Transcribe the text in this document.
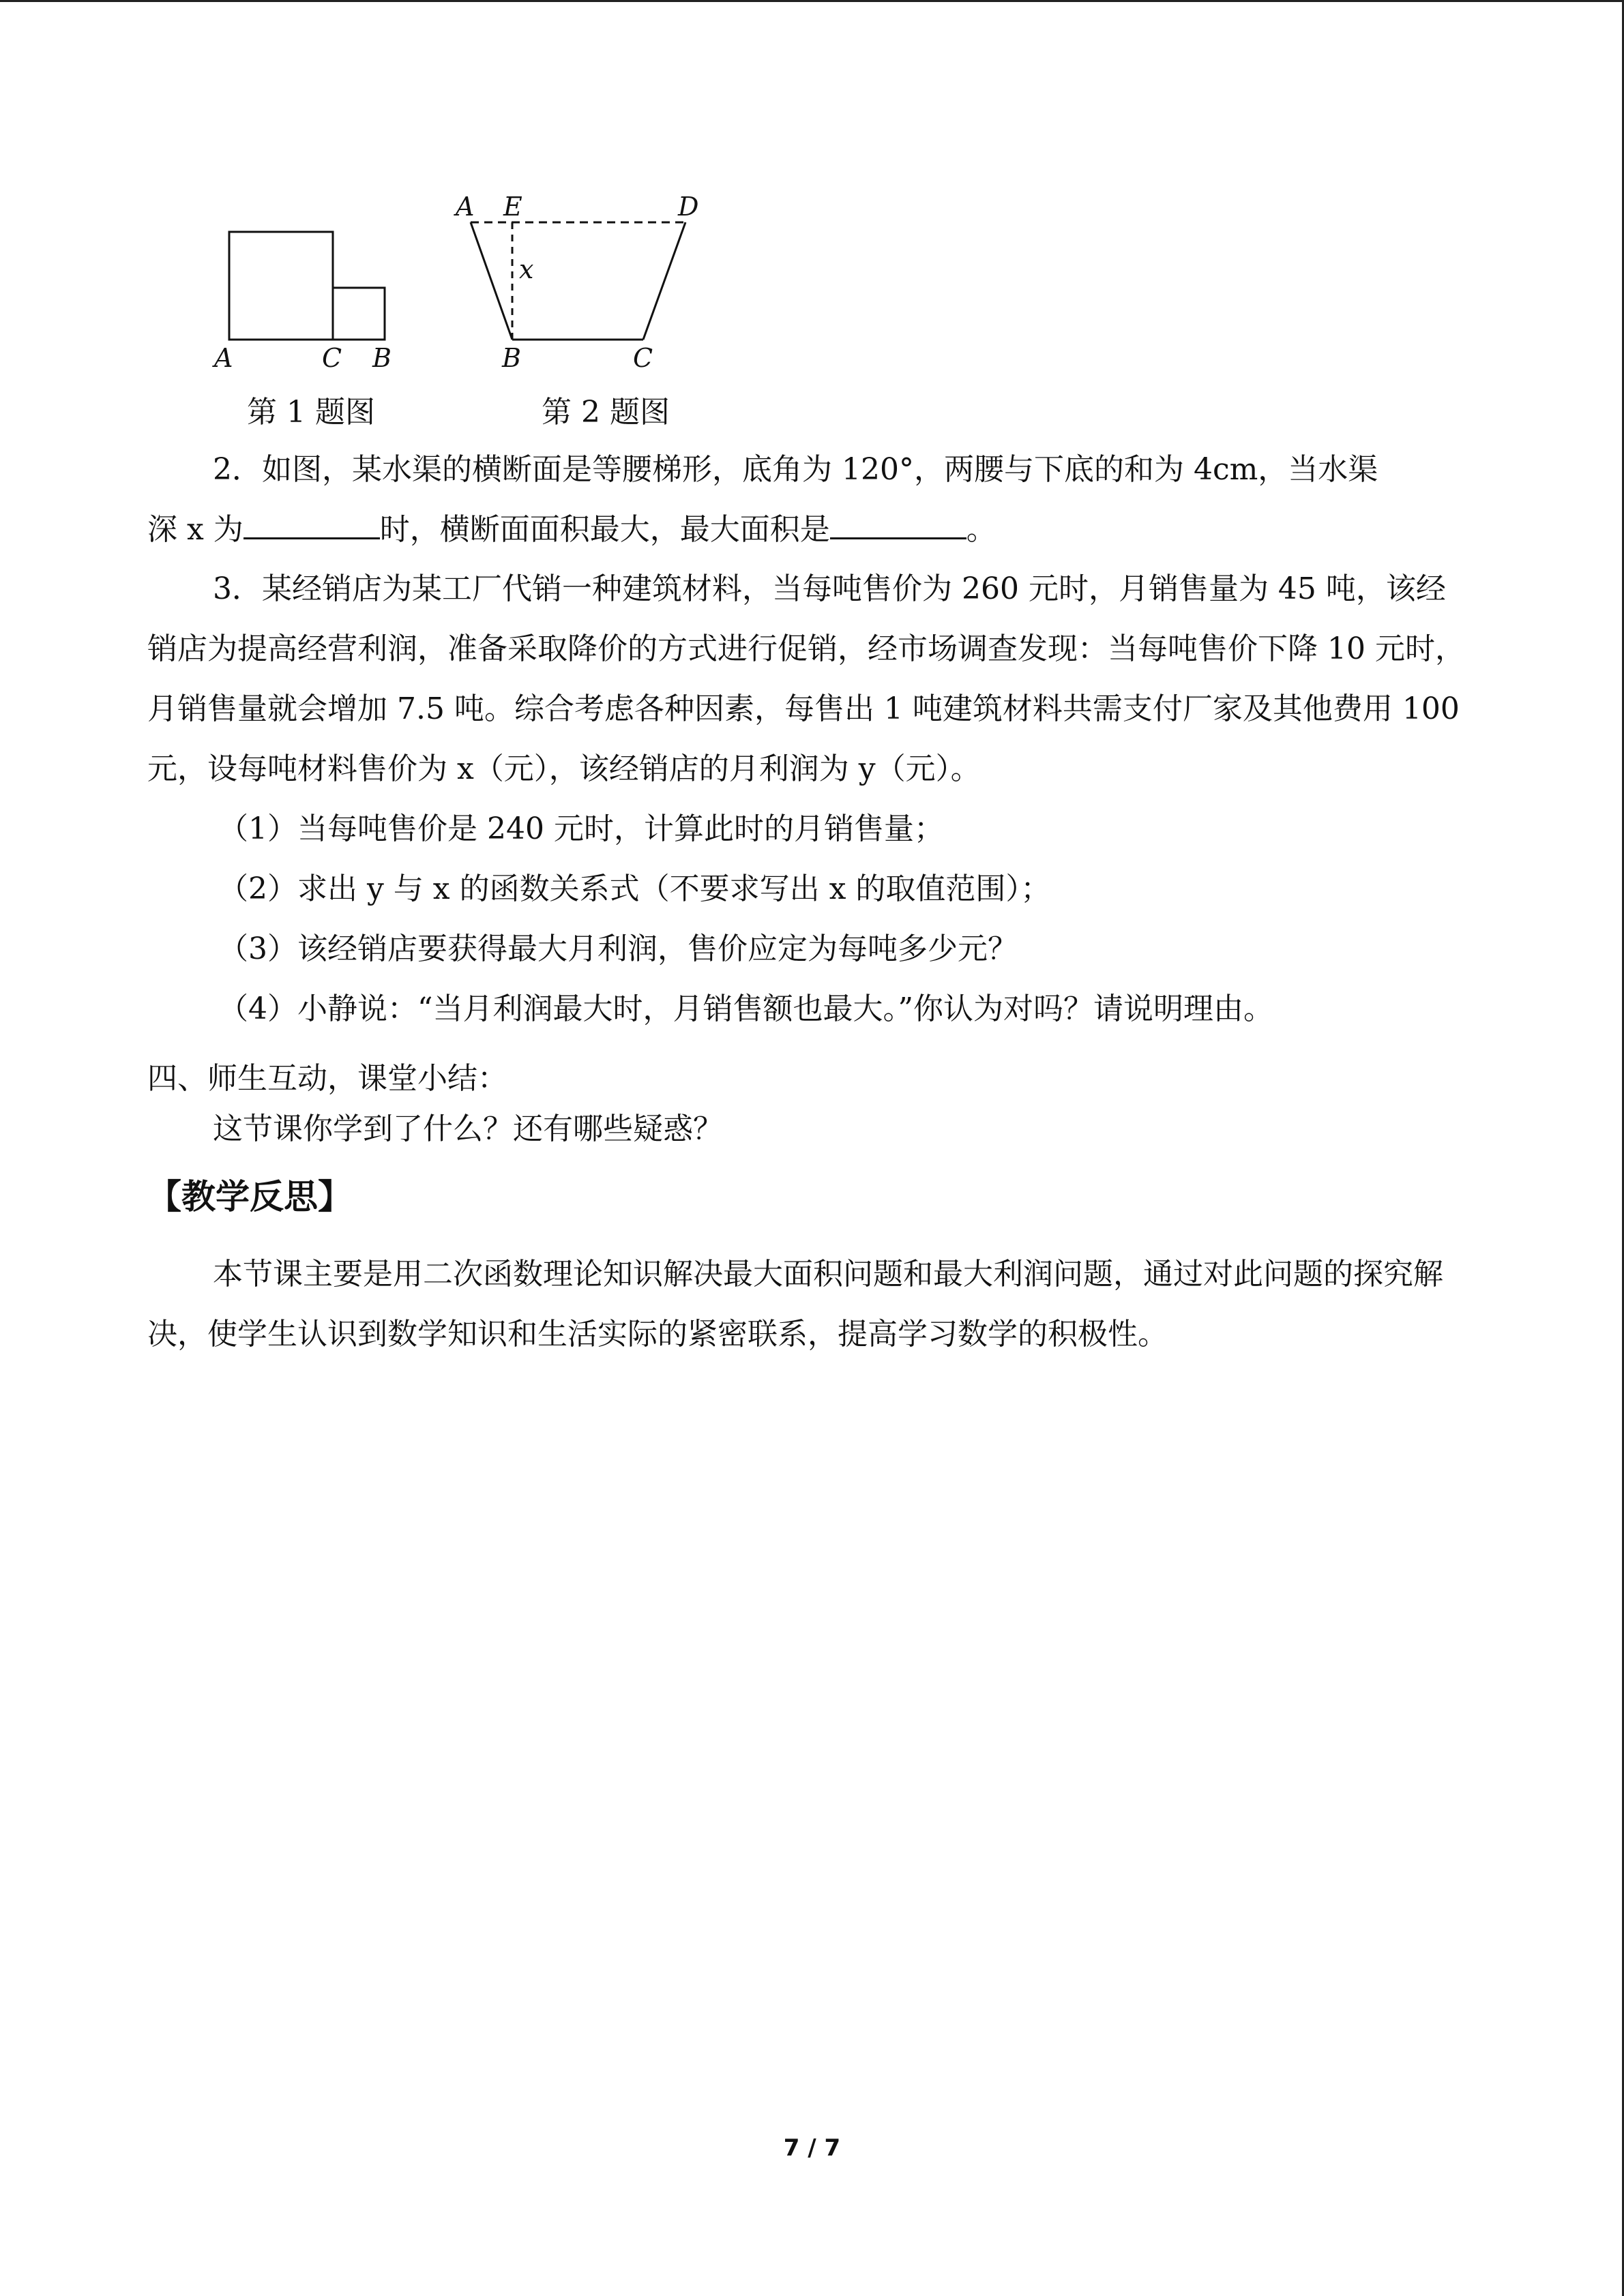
A	C B
A E	D
x
B	C
第 1 题图	第 2 题图
2．如图，某水渠的横断面是等腰梯形，底角为 120°，两腰与下底的和为 4cm，当水渠
深 x 为	时，横断面面积最大，最大面积是	。

3．某经销店为某工厂代销一种建筑材料，当每吨售价为 260 元时，月销售量为 45 吨，该经销店为提高经营利润，准备采取降价的方式进行促销，经市场调查发现：当每吨售价下降 10 元时，月销售量就会增加 7.5 吨。综合考虑各种因素，每售出 1 吨建筑材料共需支付厂家及其他费用 100 元，设每吨材料售价为 x（元），该经销店的月利润为 y（元）。

（1）当每吨售价是 240 元时，计算此时的月销售量；
（2）求出 y 与 x 的函数关系式（不要求写出 x 的取值范围）；
（3）该经销店要获得最大月利润，售价应定为每吨多少元？
（4）小静说：“当月利润最大时，月销售额也最大。”你认为对吗？请说明理由。
四、师生互动，课堂小结：
这节课你学到了什么？还有哪些疑惑？
【教学反思】

本节课主要是用二次函数理论知识解决最大面积问题和最大利润问题，通过对此问题的探究解决，使学生认识到数学知识和生活实际的紧密联系，提高学习数学的积极性。

7 / 7
